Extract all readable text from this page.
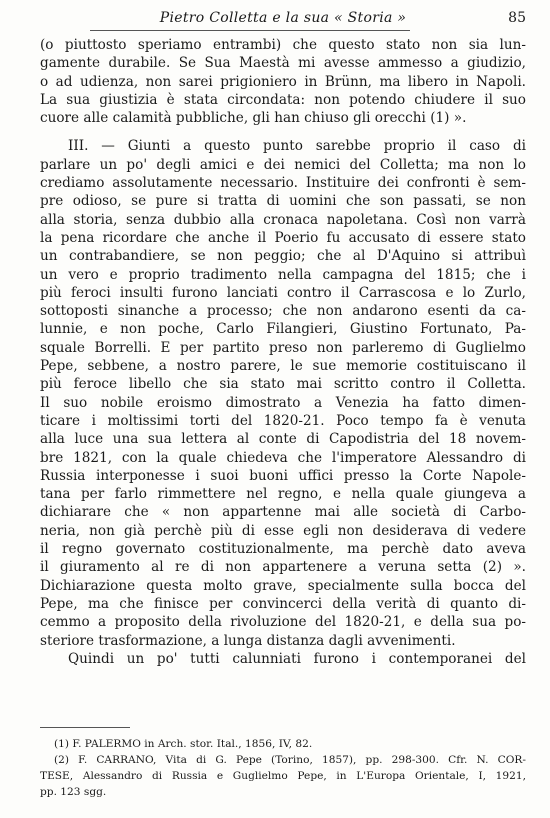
Pietro Colletta e la sua « Storia »	85
(o piuttosto speriamo entrambi) che questo stato non sia lun-
gamente durabile. Se Sua Maestà mi avesse ammesso a giudizio,
o ad udienza, non sarei prigioniero in Brünn, ma libero in Napoli.
La sua giustizia è stata circondata: non potendo chiudere il suo
cuore alle calamità pubbliche, gli han chiuso gli orecchi (1) ».
III. — Giunti a questo punto sarebbe proprio il caso di
parlare un po' degli amici e dei nemici del Colletta; ma non lo
crediamo assolutamente necessario. Instituire dei confronti è sem-
pre odioso, se pure si tratta di uomini che son passati, se non
alla storia, senza dubbio alla cronaca napoletana. Così non varrà
la pena ricordare che anche il Poerio fu accusato di essere stato
un contrabandiere, se non peggio; che al D'Aquino si attribuì
un vero e proprio tradimento nella campagna del 1815; che i
più feroci insulti furono lanciati contro il Carrascosa e lo Zurlo,
sottoposti sinanche a processo; che non andarono esenti da ca-
lunnie, e non poche, Carlo Filangieri, Giustino Fortunato, Pa-
squale Borrelli. E per partito preso non parleremo di Guglielmo
Pepe, sebbene, a nostro parere, le sue memorie costituiscano il
più feroce libello che sia stato mai scritto contro il Colletta.
Il suo nobile eroismo dimostrato a Venezia ha fatto dimen-
ticare i moltissimi torti del 1820-21. Poco tempo fa è venuta
alla luce una sua lettera al conte di Capodistria del 18 novem-
bre 1821, con la quale chiedeva che l'imperatore Alessandro di
Russia interponesse i suoi buoni uffici presso la Corte Napole-
tana per farlo rimmettere nel regno, e nella quale giungeva a
dichiarare che « non appartenne mai alle società di Carbo-
neria, non già perchè più di esse egli non desiderava di vedere
il regno governato costituzionalmente, ma perchè dato aveva
il giuramento al re di non appartenere a veruna setta (2) ».
Dichiarazione questa molto grave, specialmente sulla bocca del
Pepe, ma che finisce per convincerci della verità di quanto di-
cemmo a proposito della rivoluzione del 1820-21, e della sua po-
steriore trasformazione, a lunga distanza dagli avvenimenti.
Quindi un po' tutti calunniati furono i contemporanei del
(1) F. PALERMO in Arch. stor. Ital., 1856, IV, 82.
(2) F. CARRANO, Vita di G. Pepe (Torino, 1857), pp. 298-300. Cfr. N. COR-
TESE, Alessandro di Russia e Guglielmo Pepe, in L'Europa Orientale, I, 1921,
pp. 123 sgg.
